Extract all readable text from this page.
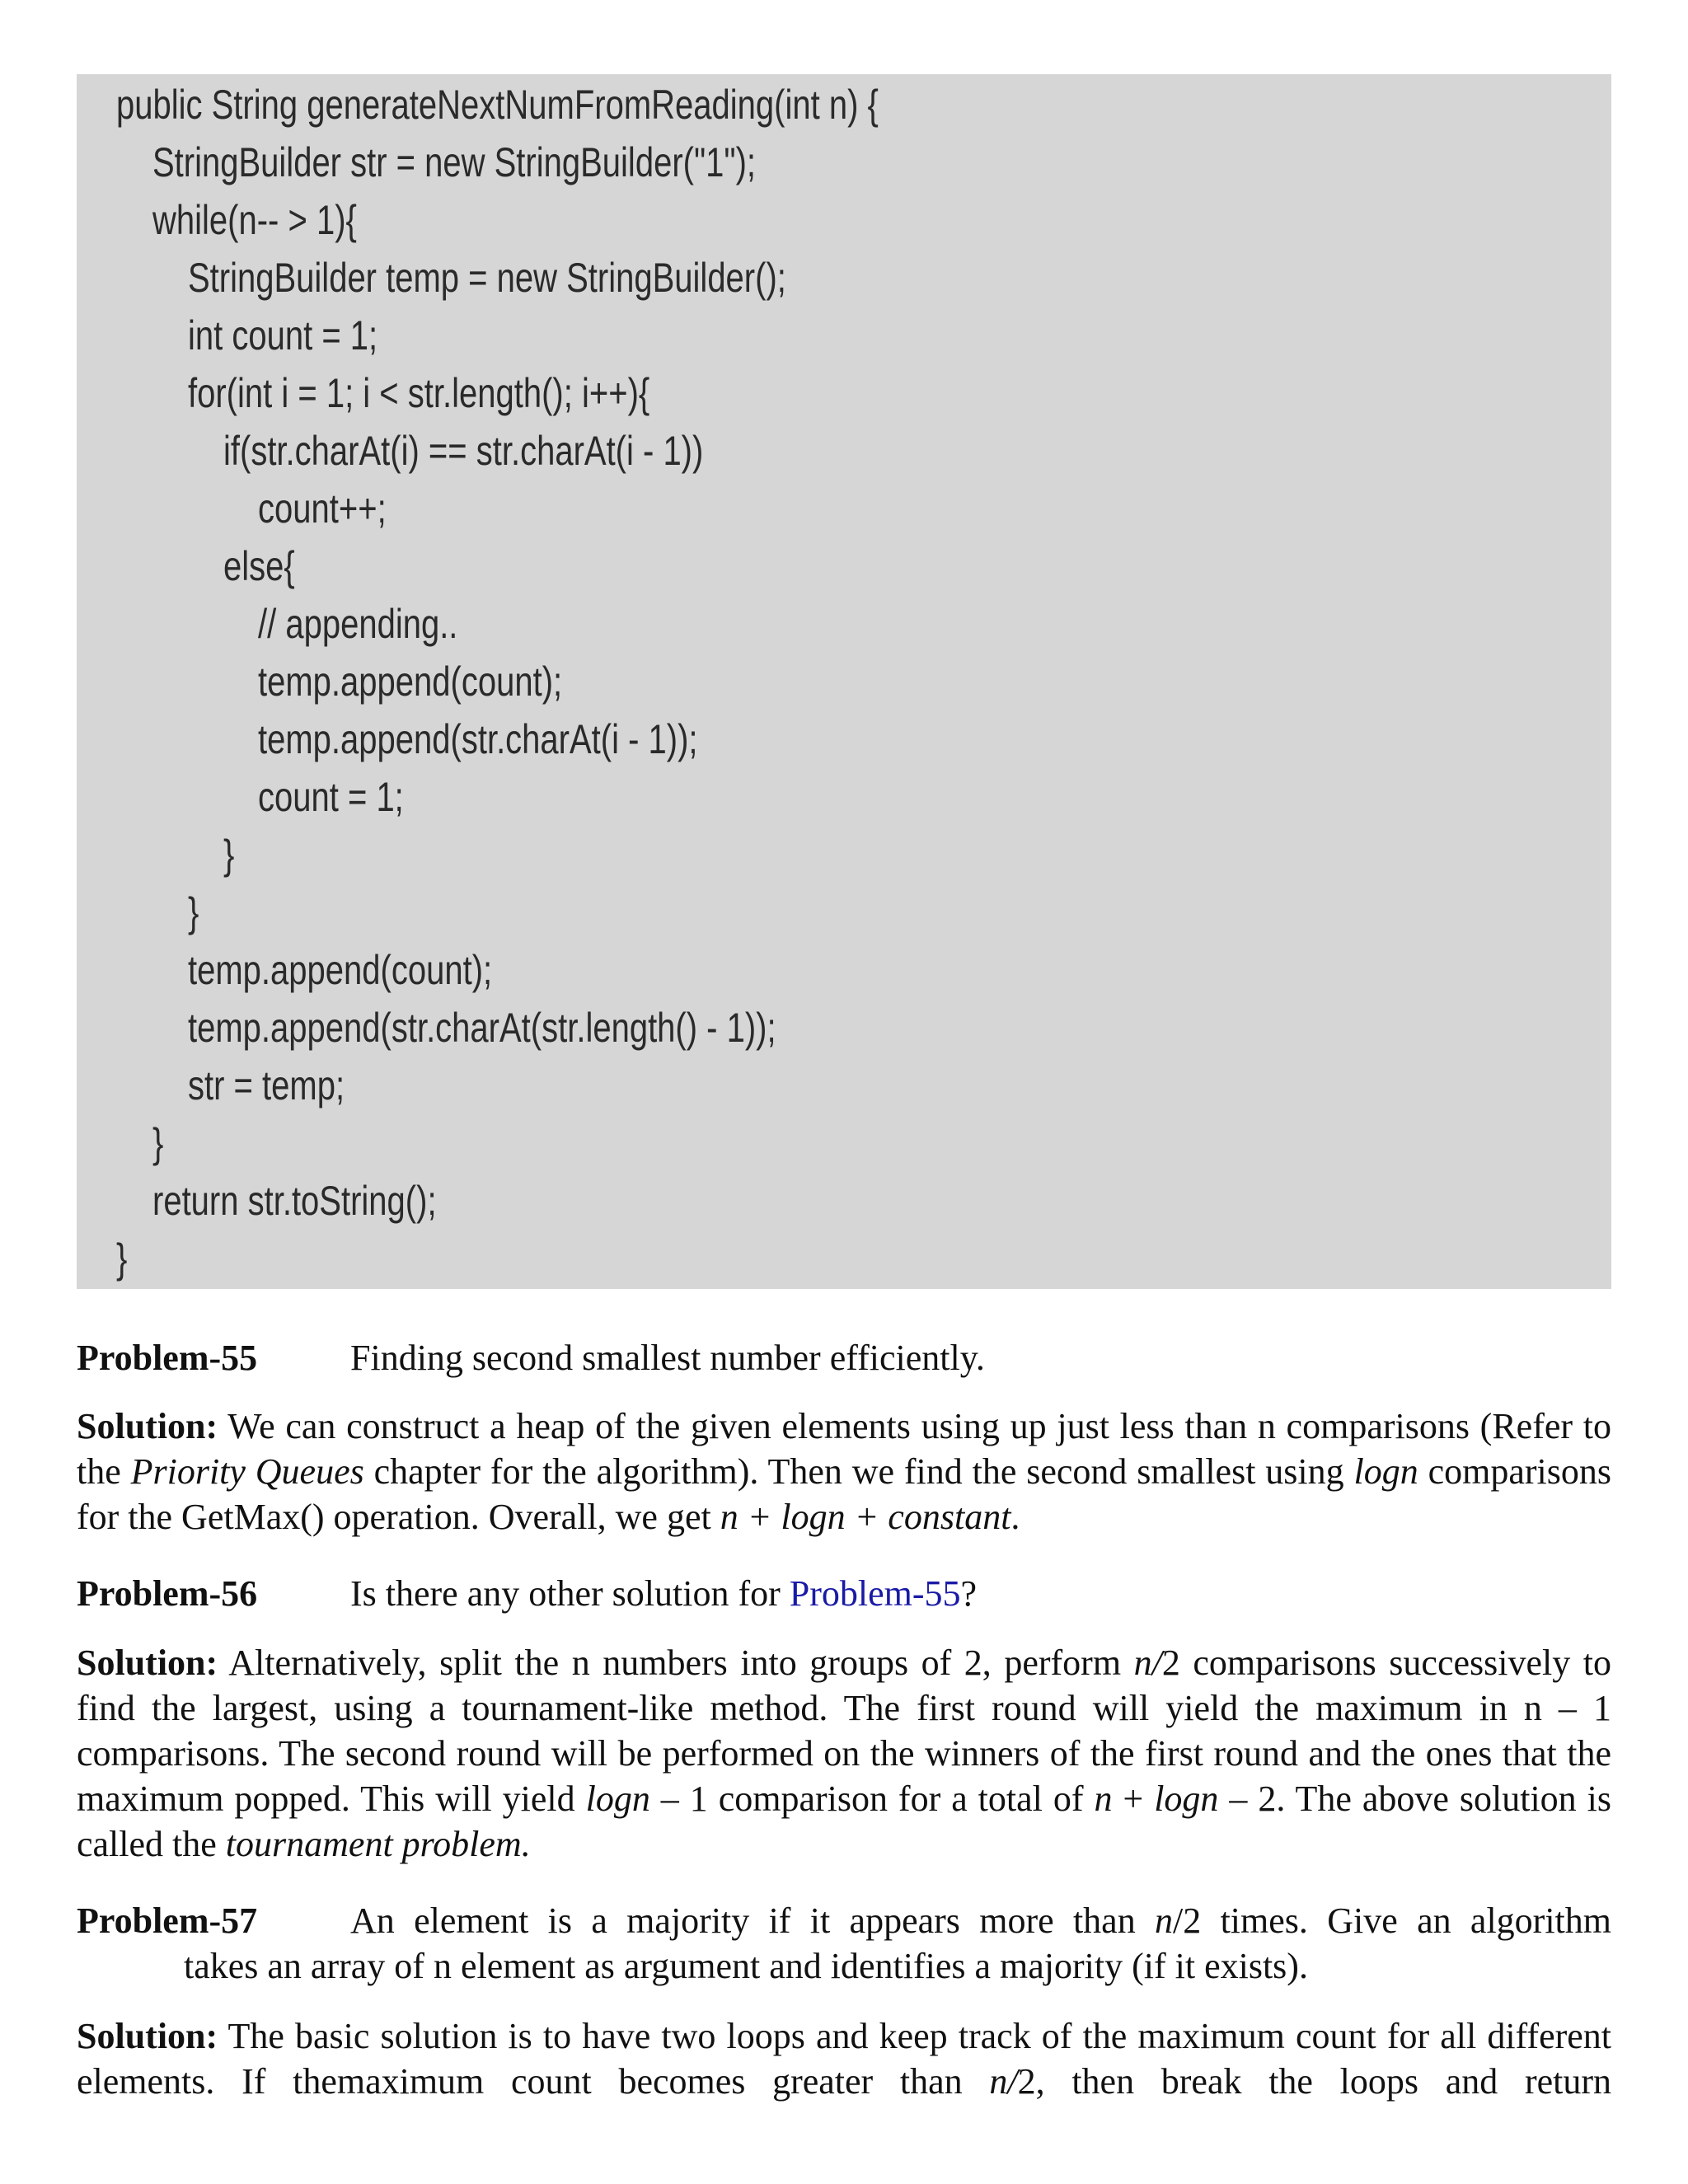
public String generateNextNumFromReading(int n) {
StringBuilder str = new StringBuilder("1");
while(n-- > 1){
StringBuilder temp = new StringBuilder();
int count = 1;
for(int i = 1; i < str.length(); i++){
if(str.charAt(i) == str.charAt(i - 1))
count++;
else{
// appending..
temp.append(count);
temp.append(str.charAt(i - 1));
count = 1;
}
}
temp.append(count);
temp.append(str.charAt(str.length() - 1));
str = temp;
}
return str.toString();
}
Problem-55	Finding second smallest number efficiently.
Solution: We can construct a heap of the given elements using up just less than n comparisons (Refer to the Priority Queues chapter for the algorithm). Then we find the second smallest using logn comparisons for the GetMax() operation. Overall, we get n + logn + constant.
Problem-56	Is there any other solution for Problem-55?
Solution: Alternatively, split the n numbers into groups of 2, perform n/2 comparisons successively to find the largest, using a tournament-like method. The first round will yield the maximum in n – 1 comparisons. The second round will be performed on the winners of the first round and the ones that the maximum popped. This will yield logn – 1 comparison for a total of n + logn – 2. The above solution is called the tournament problem.
Problem-57	An element is a majority if it appears more than n/2 times. Give an algorithm
takes an array of n element as argument and identifies a majority (if it exists).
Solution: The basic solution is to have two loops and keep track of the maximum count for all different elements. If themaximum count becomes greater than n/2, then break the loops and return
